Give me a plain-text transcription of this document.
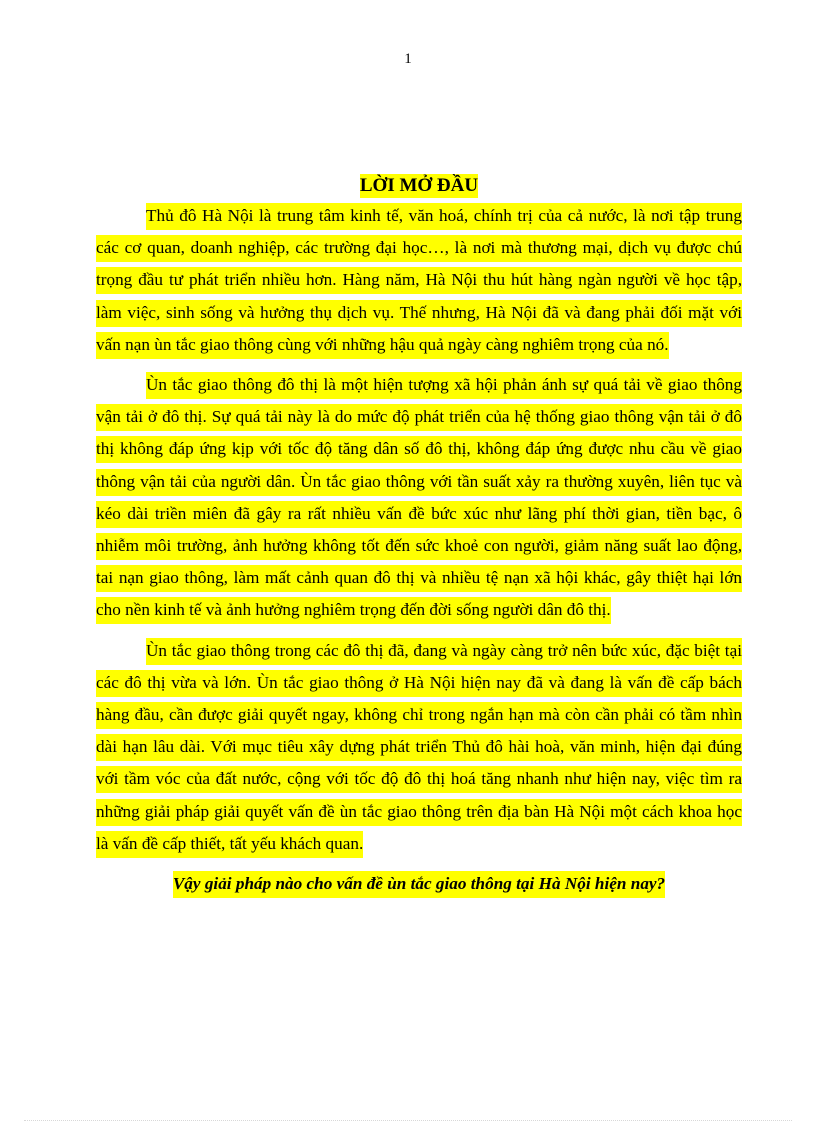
1
LỜI MỞ ĐẦU

Thủ đô Hà Nội là trung tâm kinh tế, văn hoá, chính trị của cả nước, là nơi tập trung các cơ quan, doanh nghiệp, các trường đại học…, là nơi mà thương mại, dịch vụ được chú trọng đầu tư phát triển nhiều hơn. Hàng năm, Hà Nội thu hút hàng ngàn người về học tập, làm việc, sinh sống và hưởng thụ dịch vụ. Thế nhưng, Hà Nội đã và đang phải đối mặt với vấn nạn ùn tắc giao thông cùng với những hậu quả ngày càng nghiêm trọng của nó.

Ùn tắc giao thông đô thị là một hiện tượng xã hội phản ánh sự quá tải về giao thông vận tải ở đô thị. Sự quá tải này là do mức độ phát triển của hệ thống giao thông vận tải ở đô thị không đáp ứng kịp với tốc độ tăng dân số đô thị, không đáp ứng được nhu cầu về giao thông vận tải của người dân. Ùn tắc giao thông với tần suất xảy ra thường xuyên, liên tục và kéo dài triền miên đã gây ra rất nhiều vấn đề bức xúc như lãng phí thời gian, tiền bạc, ô nhiễm môi trường, ảnh hưởng không tốt đến sức khoẻ con người, giảm năng suất lao động, tai nạn giao thông, làm mất cảnh quan đô thị và nhiều tệ nạn xã hội khác, gây thiệt hại lớn cho nền kinh tế và ảnh hưởng nghiêm trọng đến đời sống người dân đô thị.

Ùn tắc giao thông trong các đô thị đã, đang và ngày càng trở nên bức xúc, đặc biệt tại các đô thị vừa và lớn. Ùn tắc giao thông ở Hà Nội hiện nay đã và đang là vấn đề cấp bách hàng đầu, cần được giải quyết ngay, không chỉ trong ngắn hạn mà còn cần phải có tầm nhìn dài hạn lâu dài. Với mục tiêu xây dựng phát triển Thủ đô hài hoà, văn minh, hiện đại đúng với tầm vóc của đất nước, cộng với tốc độ đô thị hoá tăng nhanh như hiện nay, việc tìm ra những giải pháp giải quyết vấn đề ùn tắc giao thông trên địa bàn Hà Nội một cách khoa học là vấn đề cấp thiết, tất yếu khách quan.

Vậy giải pháp nào cho vấn đề ùn tắc giao thông tại Hà Nội hiện nay?
